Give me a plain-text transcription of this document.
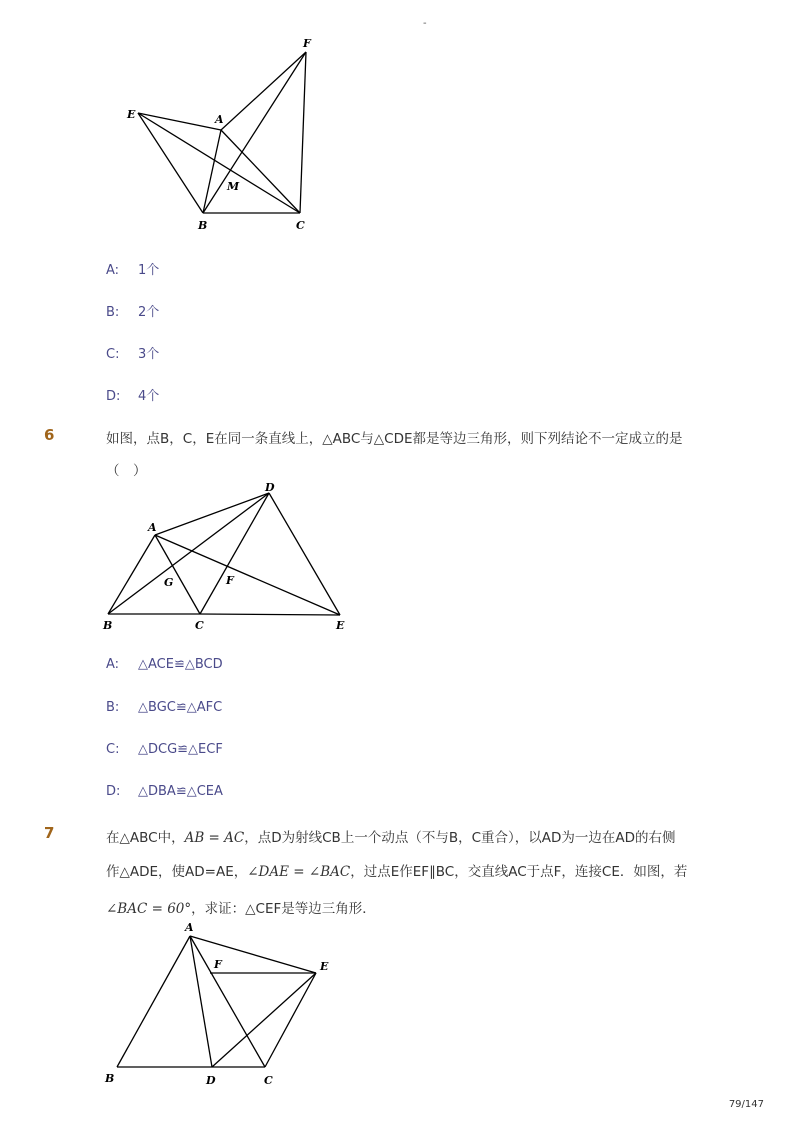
-
E	A
F
M
B	C
A: 1个
B: 2个
C: 3个
D: 4个
6	如图，点B，C，E在同一条直线上，△ABC与△CDE都是等边三角形，则下列结论不一定成立的是
（　）
A
D
G	F
B	C	E
A: △ACE≌△BCD
B: △BGC≌△AFC
C: △DCG≌△ECF
D: △DBA≌△CEA
7	在△ABC中，AB = AC，点D为射线CB上一个动点（不与B，C重合），以AD为一边在AD的右侧
作△ADE，使AD=AE，∠DAE = ∠BAC，过点E作EF∥BC，交直线AC于点F，连接CE．如图，若
∠BAC = 60°，求证：△CEF是等边三角形．
A
F	E
B	D	C
79/147
